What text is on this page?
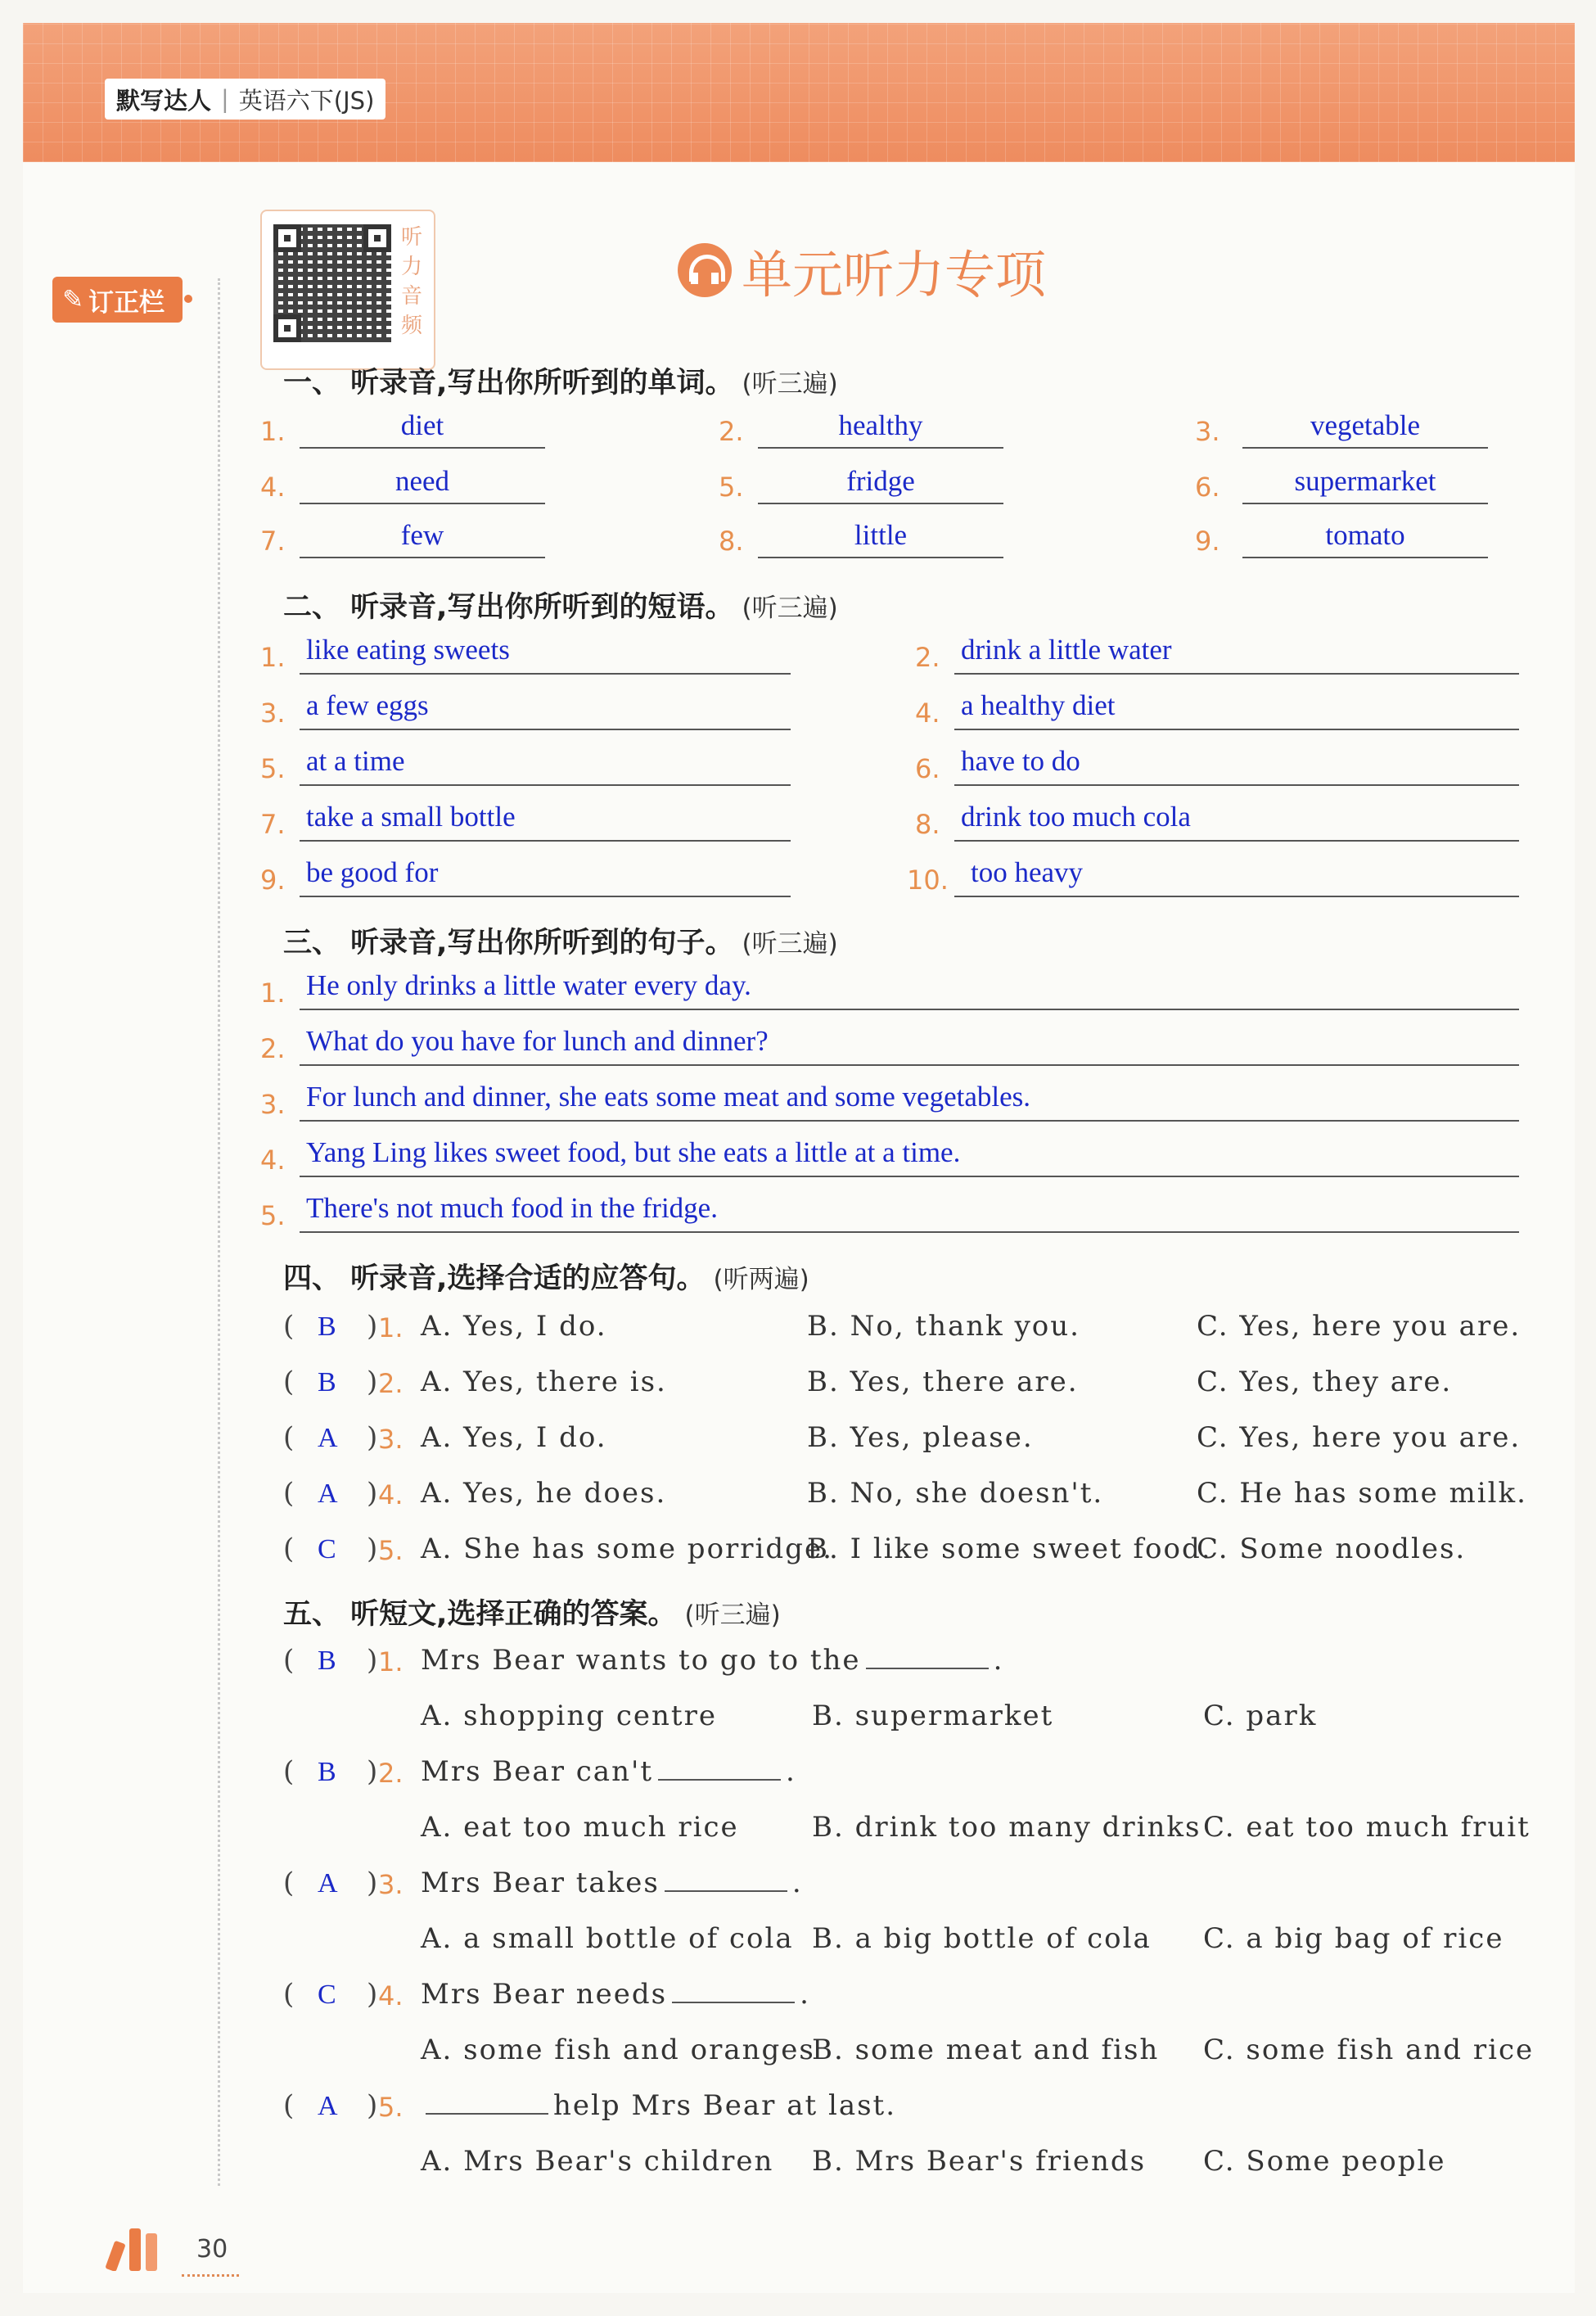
默写达人 | 英语六下(JS)
✎ 订正栏
听力音频
单元听力专项
一、 听录音,写出你所听到的单词。 (听三遍)
1.	diet	2.	healthy	3.	vegetable
4.	need	5.	fridge	6.	supermarket
7.	few	8.	little	9.	tomato
二、 听录音,写出你所听到的短语。 (听三遍)
1. like eating sweets	2. drink a little water
3. a few eggs	4. a healthy diet
5. at a time	6. have to do
7. take a small bottle	8. drink too much cola
9. be good for	10. too heavy
三、 听录音,写出你所听到的句子。 (听三遍)
1. He only drinks a little water every day.
2. What do you have for lunch and dinner?
3. For lunch and dinner, she eats some meat and some vegetables.
4. Yang Ling likes sweet food, but she eats a little at a time.
5. There's not much food in the fridge.
四、 听录音,选择合适的应答句。 (听两遍)
( B )
1. A. Yes, I do.	B. No, thank you.	C. Yes, here you are.
( B )
2. A. Yes, there is.	B. Yes, there are.	C. Yes, they are.
( A )
3. A. Yes, I do.	B. Yes, please.	C. Yes, here you are.
( A )
4. A. Yes, he does.	B. No, she doesn't.	C. He has some milk.
( C )
5. A. She has some porridge.
B. I like some sweet food.
C. Some noodles.
五、 听短文,选择正确的答案。 (听三遍)
( B )
1. Mrs Bear wants to go to the	.
A. shopping centre	B. supermarket	C. park
( B )
2. Mrs Bear can't	.
A. eat too much rice	B. drink too many drinks C. eat too much fruit
( A )
3. Mrs Bear takes	.
A. a small bottle of cola B. a big bottle of cola C. a big bag of rice
( C )
4. Mrs Bear needs	.
A. some fish and oranges
B. some meat and fish C. some fish and rice
( A )
5.	help Mrs Bear at last.
A. Mrs Bear's children B. Mrs Bear's friends C. Some people
30
